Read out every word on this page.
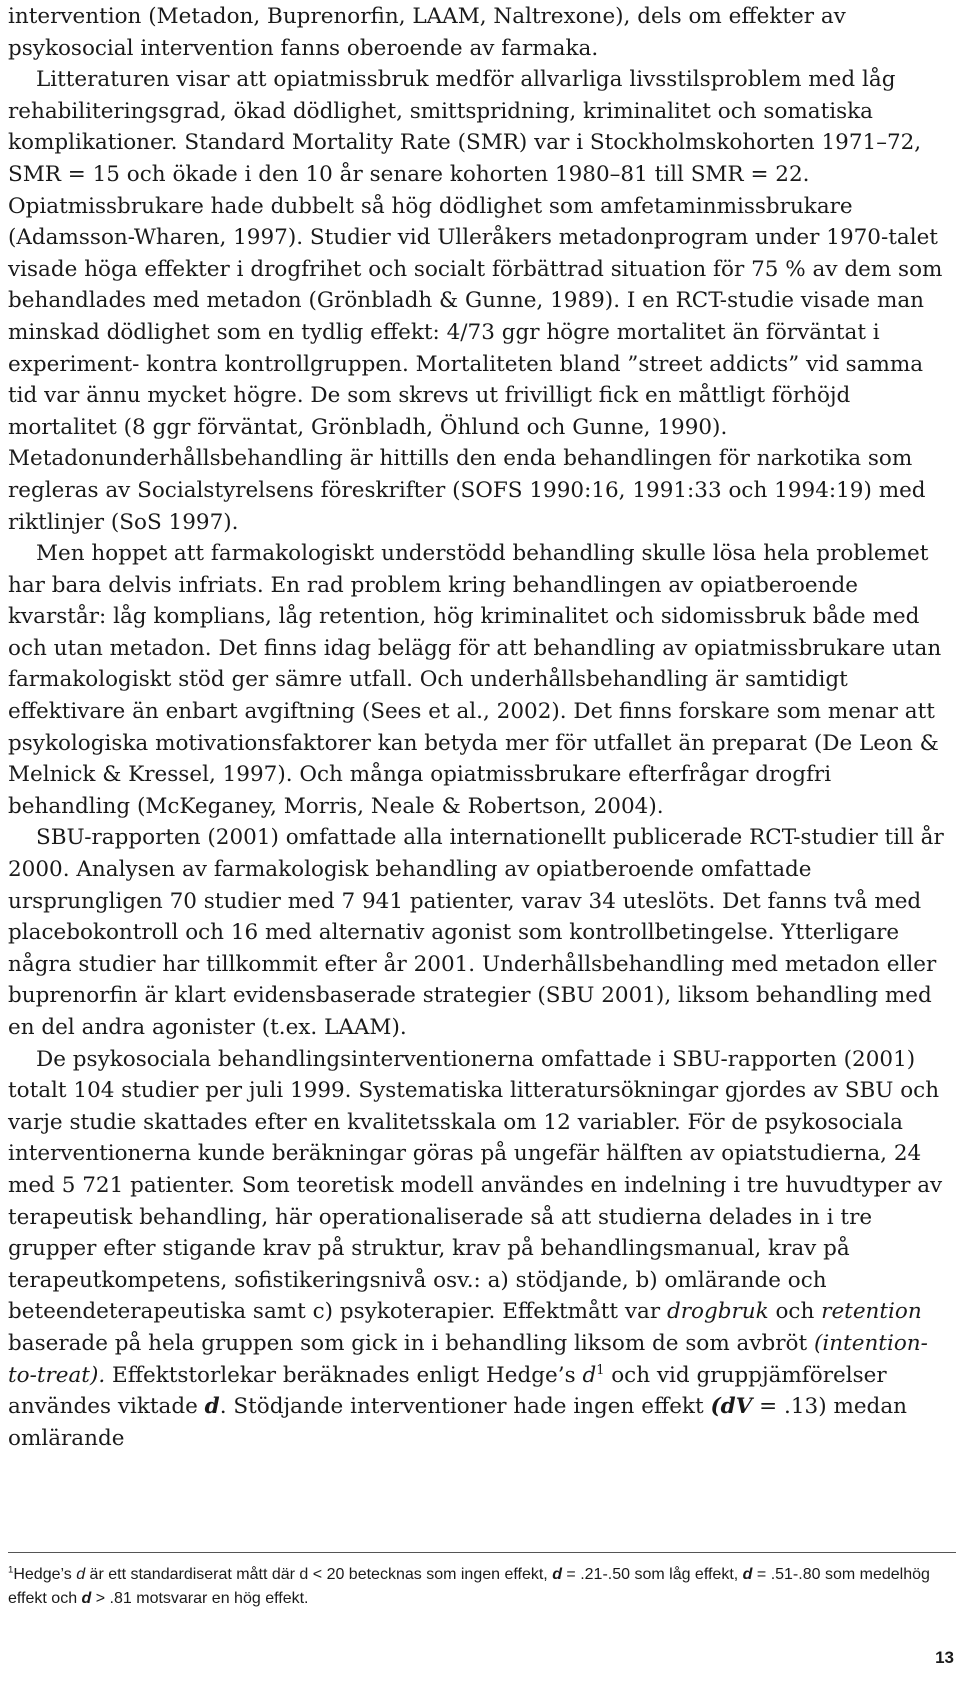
intervention (Metadon, Buprenorfin, LAAM, Naltrexone), dels om effekter av psykosocial intervention fanns oberoende av farmaka.

Litteraturen visar att opiatmissbruk medför allvarliga livsstilsproblem med låg rehabiliteringsgrad, ökad dödlighet, smittspridning, kriminalitet och somatiska komplikationer. Standard Mortality Rate (SMR) var i Stockholmskohorten 1971–72, SMR = 15 och ökade i den 10 år senare kohorten 1980–81 till SMR = 22. Opiatmissbrukare hade dubbelt så hög dödlighet som amfetaminmissbrukare (Adamsson-Wharen, 1997). Studier vid Ulleråkers metadonprogram under 1970-talet visade höga effekter i drogfrihet och socialt förbättrad situation för 75 % av dem som behandlades med metadon (Grönbladh & Gunne, 1989). I en RCT-studie visade man minskad dödlighet som en tydlig effekt: 4/73 ggr högre mortalitet än förväntat i experiment- kontra kontrollgruppen. Mortaliteten bland ”street addicts” vid samma tid var ännu mycket högre. De som skrevs ut frivilligt fick en måttligt förhöjd mortalitet (8 ggr förväntat, Grönbladh, Öhlund och Gunne, 1990). Metadonunderhållsbehandling är hittills den enda behandlingen för narkotika som regleras av Socialstyrelsens föreskrifter (SOFS 1990:16, 1991:33 och 1994:19) med riktlinjer (SoS 1997).

Men hoppet att farmakologiskt understödd behandling skulle lösa hela problemet har bara delvis infriats. En rad problem kring behandlingen av opiatberoende kvarstår: låg komplians, låg retention, hög kriminalitet och sidomissbruk både med och utan metadon. Det finns idag belägg för att behandling av opiatmissbrukare utan farmakologiskt stöd ger sämre utfall. Och underhållsbehandling är samtidigt effektivare än enbart avgiftning (Sees et al., 2002). Det finns forskare som menar att psykologiska motivationsfaktorer kan betyda mer för utfallet än preparat (De Leon & Melnick & Kressel, 1997). Och många opiatmissbrukare efterfrågar drogfri behandling (McKeganey, Morris, Neale & Robertson, 2004).

SBU-rapporten (2001) omfattade alla internationellt publicerade RCT-studier till år 2000. Analysen av farmakologisk behandling av opiatberoende omfattade ursprungligen 70 studier med 7 941 patienter, varav 34 uteslöts. Det fanns två med placebokontroll och 16 med alternativ agonist som kontrollbetingelse. Ytterligare några studier har tillkommit efter år 2001. Underhållsbehandling med metadon eller buprenorfin är klart evidensbaserade strategier (SBU 2001), liksom behandling med en del andra agonister (t.ex. LAAM).

De psykosociala behandlingsinterventionerna omfattade i SBU-rapporten (2001) totalt 104 studier per juli 1999. Systematiska litteratursökningar gjordes av SBU och varje studie skattades efter en kvalitetsskala om 12 variabler. För de psykosociala interventionerna kunde beräkningar göras på ungefär hälften av opiatstudierna, 24 med 5 721 patienter. Som teoretisk modell användes en indelning i tre huvudtyper av terapeutisk behandling, här operationaliserade så att studierna delades in i tre grupper efter stigande krav på struktur, krav på behandlingsmanual, krav på terapeutkompetens, sofistikeringsnivå osv.: a) stödjande, b) omlärande och beteendeterapeutiska samt c) psykoterapier. Effektmått var drogbruk och retention baserade på hela gruppen som gick in i behandling liksom de som avbröt (intention-to-treat). Effektstorlekar beräknades enligt Hedge’s $d^1$ och vid gruppjämförelser användes viktade d. Stödjande interventioner hade ingen effekt (dV = .13) medan omlärande

$^1$Hedge’s d är ett standardiserat mått där d < 20 betecknas som ingen effekt, d = .21-.50 som låg effekt, d = .51-.80 som medelhög effekt och d > .81 motsvarar en hög effekt.
13
